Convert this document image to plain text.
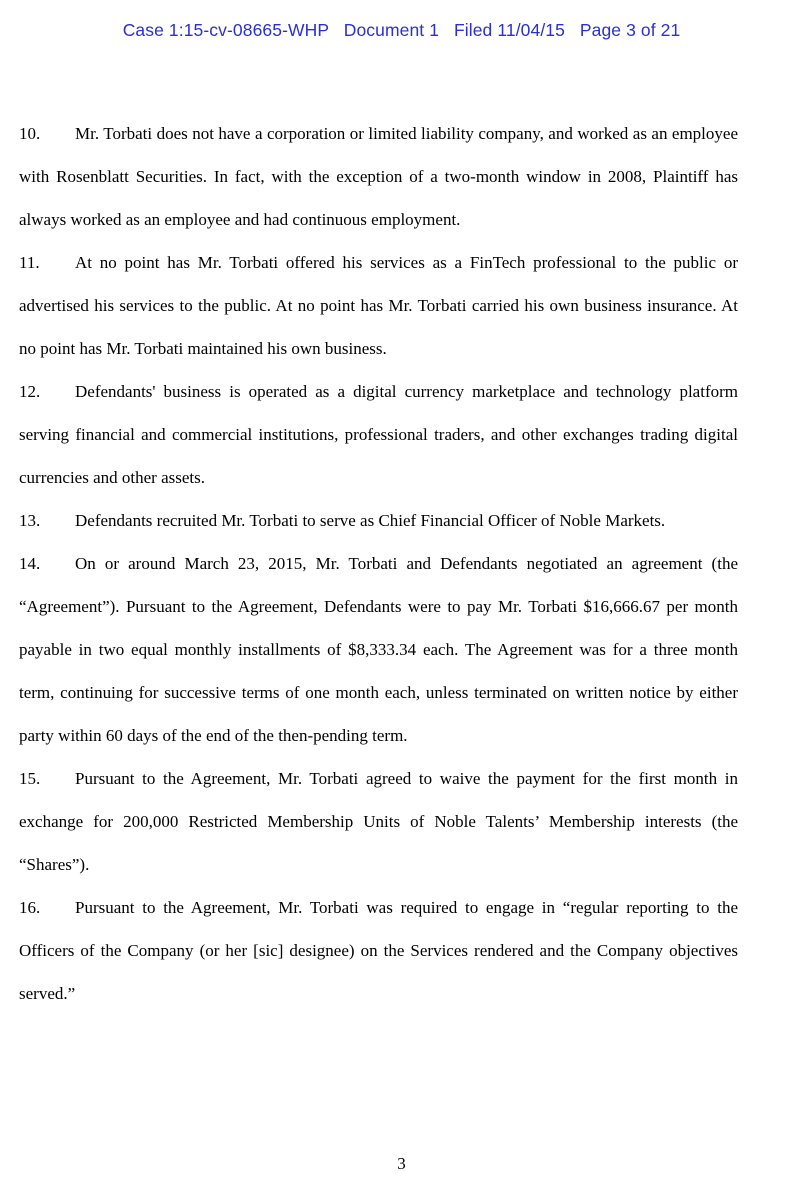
Case 1:15-cv-08665-WHP   Document 1   Filed 11/04/15   Page 3 of 21

10. Mr. Torbati does not have a corporation or limited liability company, and worked as an employee with Rosenblatt Securities. In fact, with the exception of a two-month window in 2008, Plaintiff has always worked as an employee and had continuous employment.

11. At no point has Mr. Torbati offered his services as a FinTech professional to the public or advertised his services to the public. At no point has Mr. Torbati carried his own business insurance. At no point has Mr. Torbati maintained his own business.

12. Defendants' business is operated as a digital currency marketplace and technology platform serving financial and commercial institutions, professional traders, and other exchanges trading digital currencies and other assets.

13. Defendants recruited Mr. Torbati to serve as Chief Financial Officer of Noble Markets.

14. On or around March 23, 2015, Mr. Torbati and Defendants negotiated an agreement (the “Agreement”). Pursuant to the Agreement, Defendants were to pay Mr. Torbati $16,666.67 per month payable in two equal monthly installments of $8,333.34 each. The Agreement was for a three month term, continuing for successive terms of one month each, unless terminated on written notice by either party within 60 days of the end of the then-pending term.

15. Pursuant to the Agreement, Mr. Torbati agreed to waive the payment for the first month in exchange for 200,000 Restricted Membership Units of Noble Talents’ Membership interests (the “Shares”).

16. Pursuant to the Agreement, Mr. Torbati was required to engage in “regular reporting to the Officers of the Company (or her [sic] designee) on the Services rendered and the Company objectives served.”

3
